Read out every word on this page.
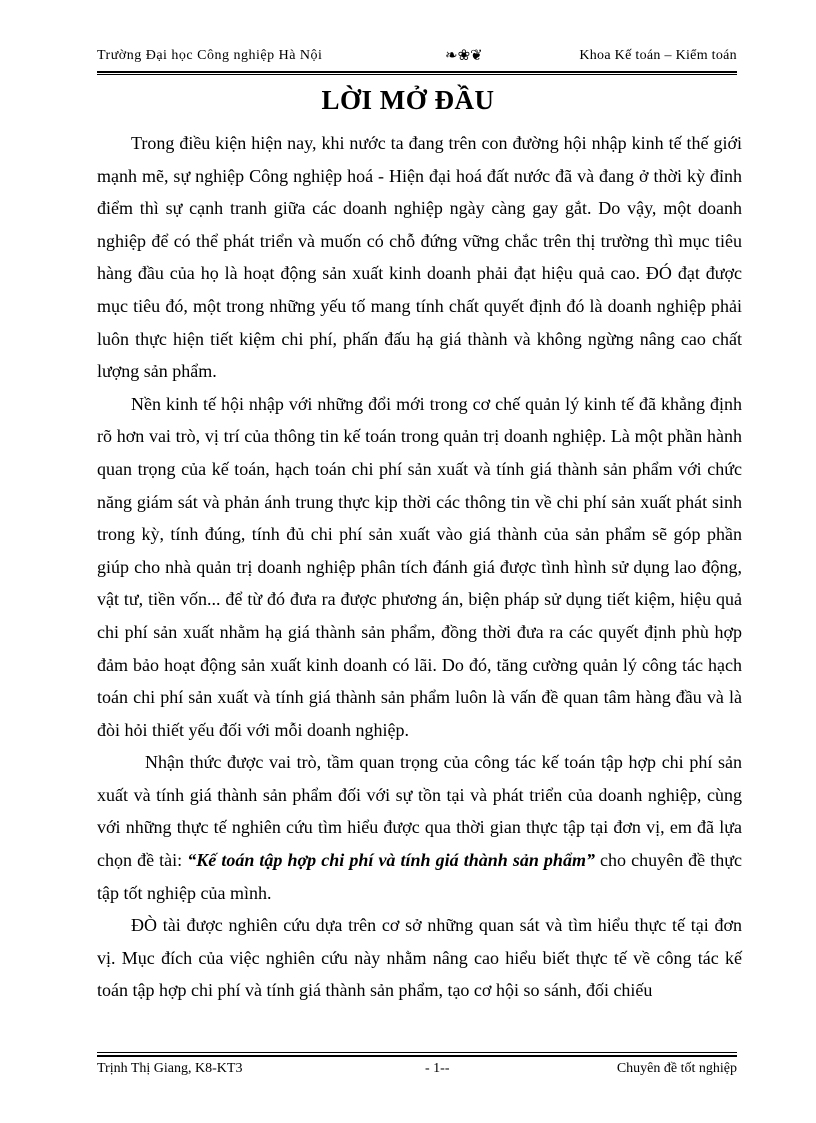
Trường Đại học Công nghiệp Hà Nội	❧❀❦	Khoa Kế toán – Kiểm toán
LỜI MỞ ĐẦU

Trong điều kiện hiện nay, khi nước ta đang trên con đường hội nhập kinh tế thế giới mạnh mẽ, sự nghiệp Công nghiệp hoá - Hiện đại hoá đất nước đã và đang ở thời kỳ đỉnh điểm thì sự cạnh tranh giữa các doanh nghiệp ngày càng gay gắt. Do vậy, một doanh nghiệp để có thể phát triển và muốn có chỗ đứng vững chắc trên thị trường thì mục tiêu hàng đầu của họ là hoạt động sản xuất kinh doanh phải đạt hiệu quả cao. ĐÓ đạt được mục tiêu đó, một trong những yếu tố mang tính chất quyết định đó là doanh nghiệp phải luôn thực hiện tiết kiệm chi phí, phấn đấu hạ giá thành và không ngừng nâng cao chất lượng sản phẩm.

Nền kinh tế hội nhập với những đổi mới trong cơ chế quản lý kinh tế đã khẳng định rõ hơn vai trò, vị trí của thông tin kế toán trong quản trị doanh nghiệp. Là một phần hành quan trọng của kế toán, hạch toán chi phí sản xuất và tính giá thành sản phẩm với chức năng giám sát và phản ánh trung thực kịp thời các thông tin về chi phí sản xuất phát sinh trong kỳ, tính đúng, tính đủ chi phí sản xuất vào giá thành của sản phẩm sẽ góp phần giúp cho nhà quản trị doanh nghiệp phân tích đánh giá được tình hình sử dụng lao động, vật tư, tiền vốn... để từ đó đưa ra được phương án, biện pháp sử dụng tiết kiệm, hiệu quả chi phí sản xuất nhằm hạ giá thành sản phẩm, đồng thời đưa ra các quyết định phù hợp đảm bảo hoạt động sản xuất kinh doanh có lãi. Do đó, tăng cường quản lý công tác hạch toán chi phí sản xuất và tính giá thành sản phẩm luôn là vấn đề quan tâm hàng đầu và là đòi hỏi thiết yếu đối với mỗi doanh nghiệp.

Nhận thức được vai trò, tầm quan trọng của công tác kế toán tập hợp chi phí sản xuất và tính giá thành sản phẩm đối với sự tồn tại và phát triển của doanh nghiệp, cùng với những thực tế nghiên cứu tìm hiểu được qua thời gian thực tập tại đơn vị, em đã lựa chọn đề tài: “Kế toán tập hợp chi phí và tính giá thành sản phẩm” cho chuyên đề thực tập tốt nghiệp của mình.

ĐÒ tài được nghiên cứu dựa trên cơ sở những quan sát và tìm hiểu thực tế tại đơn vị. Mục đích của việc nghiên cứu này nhằm nâng cao hiểu biết thực tế về công tác kế toán tập hợp chi phí và tính giá thành sản phẩm, tạo cơ hội so sánh, đối chiếu

Trịnh Thị Giang, K8-KT3	- 1--	Chuyên đề tốt nghiệp
